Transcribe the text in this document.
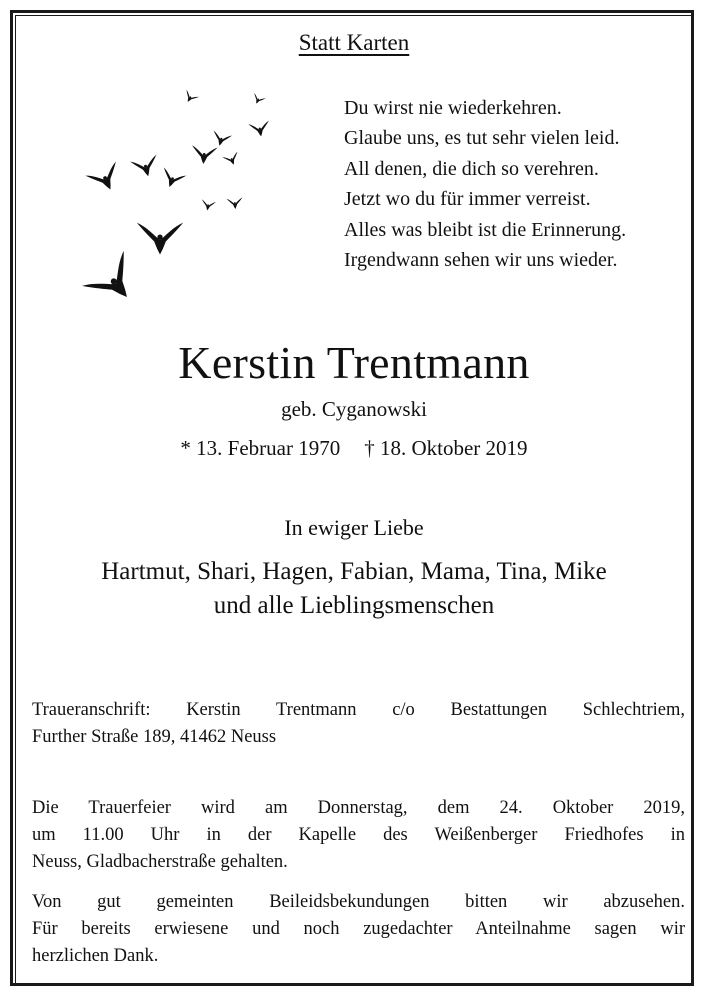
Statt Karten
Du wirst nie wiederkehren.
Glaube uns, es tut sehr vielen leid.
All denen, die dich so verehren.
Jetzt wo du für immer verreist.
Alles was bleibt ist die Erinnerung.
Irgendwann sehen wir uns wieder.
Kerstin Trentmann
geb. Cyganowski
* 13. Februar 1970 † 18. Oktober 2019
In ewiger Liebe
Hartmut, Shari, Hagen, Fabian, Mama, Tina, Mike
und alle Lieblingsmenschen
Traueranschrift: Kerstin Trentmann c/o Bestattungen Schlechtriem,
Further Straße 189, 41462 Neuss
Die Trauerfeier wird am Donnerstag, dem 24. Oktober 2019,
um 11.00 Uhr in der Kapelle des Weißenberger Friedhofes in
Neuss, Gladbacherstraße gehalten.
Von gut gemeinten Beileidsbekundungen bitten wir abzusehen.
Für bereits erwiesene und noch zugedachter Anteilnahme sagen wir
herzlichen Dank.
